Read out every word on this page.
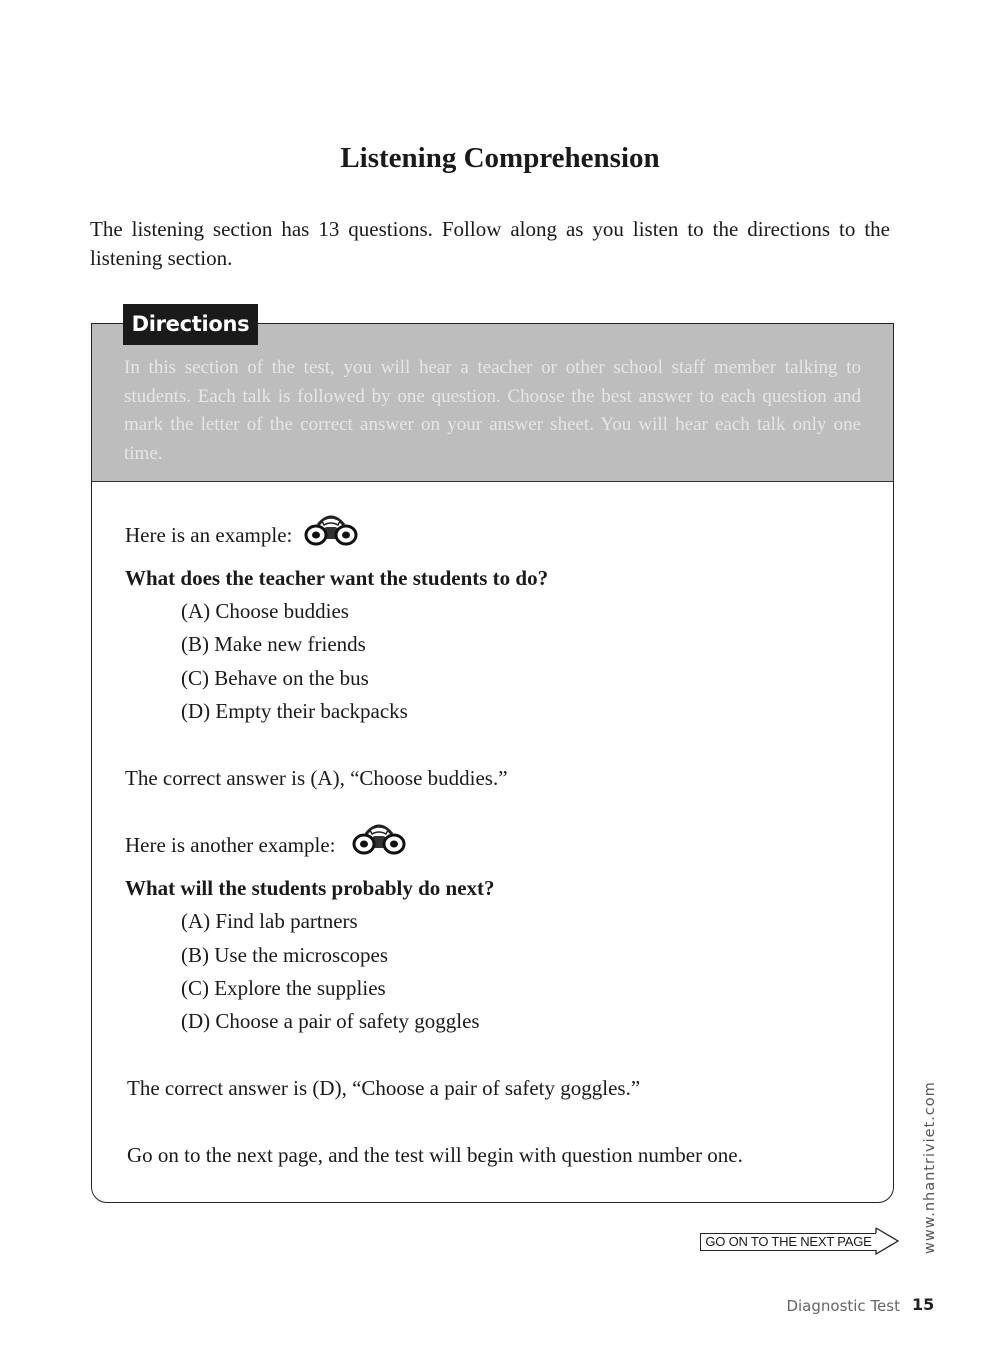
Listening Comprehension

The listening section has 13 questions. Follow along as you listen to the directions to the listening section.

In this section of the test, you will hear a teacher or other school staff member talking to students. Each talk is followed by one question. Choose the best answer to each question and mark the letter of the correct answer on your answer sheet. You will hear each talk only one time.

Directions
Here is an example:
What does the teacher want the students to do?
(A) Choose buddies
(B) Make new friends
(C) Behave on the bus
(D) Empty their backpacks
The correct answer is (A), “Choose buddies.”
Here is another example:
What will the students probably do next?
(A) Find lab partners
(B) Use the microscopes
(C) Explore the supplies
(D) Choose a pair of safety goggles
The correct answer is (D), “Choose a pair of safety goggles.”
Go on to the next page, and the test will begin with question number one.
GO ON TO THE NEXT PAGE	www.nhantriviet.com
Diagnostic Test 15
